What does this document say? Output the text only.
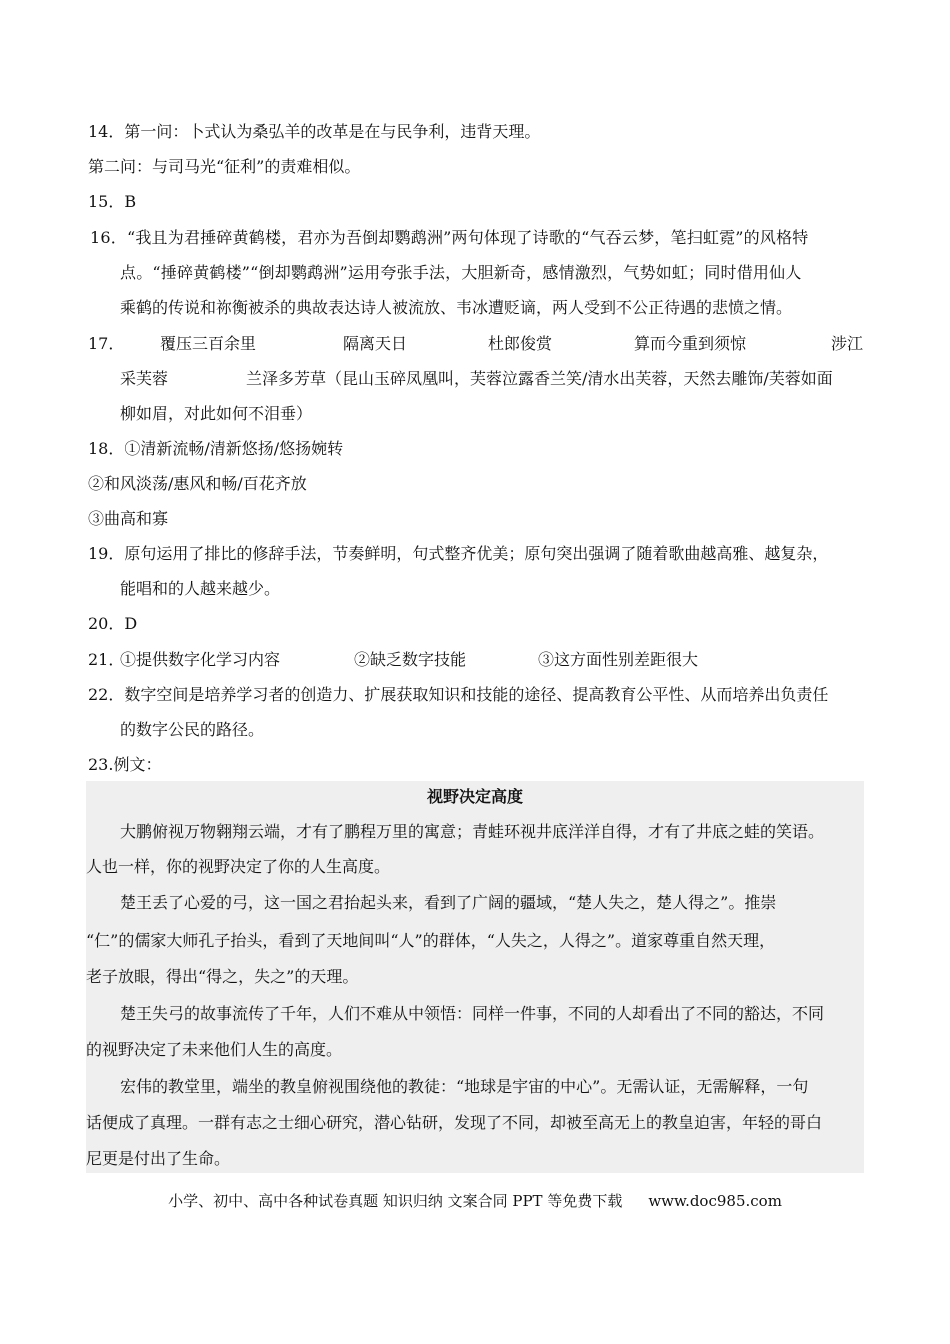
14．第一问：卜式认为桑弘羊的改革是在与民争利，违背天理。
第二问：与司马光“征利”的责难相似。
15．B
16．“我且为君捶碎黄鹤楼，君亦为吾倒却鹦鹉洲”两句体现了诗歌的“气吞云梦，笔扫虹霓”的风格特
点。“捶碎黄鹤楼”“倒却鹦鹉洲”运用夸张手法，大胆新奇，感情激烈，气势如虹；同时借用仙人
乘鹤的传说和祢衡被杀的典故表达诗人被流放、韦冰遭贬谪，两人受到不公正待遇的悲愤之情。
17． 覆压三百余里	隔离天日	杜郎俊赏	算而今重到须惊	涉江
采芙蓉	兰泽多芳草（昆山玉碎凤凰叫，芙蓉泣露香兰笑/清水出芙蓉，天然去雕饰/芙蓉如面
柳如眉，对此如何不泪垂）
18．①清新流畅/清新悠扬/悠扬婉转
②和风淡荡/惠风和畅/百花齐放
③曲高和寡
19．原句运用了排比的修辞手法，节奏鲜明，句式整齐优美；原句突出强调了随着歌曲越高雅、越复杂，
能唱和的人越来越少。
20．D
21．
①提供数字化学习内容	②缺乏数字技能	③这方面性别差距很大
22．数字空间是培养学习者的创造力、扩展获取知识和技能的途径、提高教育公平性、从而培养出负责任
的数字公民的路径。
23.例文：
视野决定高度
大鹏俯视万物翱翔云端，才有了鹏程万里的寓意；青蛙环视井底洋洋自得，才有了井底之蛙的笑语。
人也一样，你的视野决定了你的人生高度。
楚王丢了心爱的弓，这一国之君抬起头来，看到了广阔的疆域，“楚人失之，楚人得之”。推崇
“仁”的儒家大师孔子抬头，看到了天地间叫“人”的群体，“人失之，人得之”。道家尊重自然天理，
老子放眼，得出“得之，失之”的天理。
楚王失弓的故事流传了千年，人们不难从中领悟：同样一件事，不同的人却看出了不同的豁达，不同
的视野决定了未来他们人生的高度。
宏伟的教堂里，端坐的教皇俯视围绕他的教徒：“地球是宇宙的中心”。无需认证，无需解释，一句
话便成了真理。一群有志之士细心研究，潜心钻研，发现了不同，却被至高无上的教皇迫害，年轻的哥白
尼更是付出了生命。
小学、初中、高中各种试卷真题 知识归纳 文案合同 PPT 等免费下载 www.doc985.com
